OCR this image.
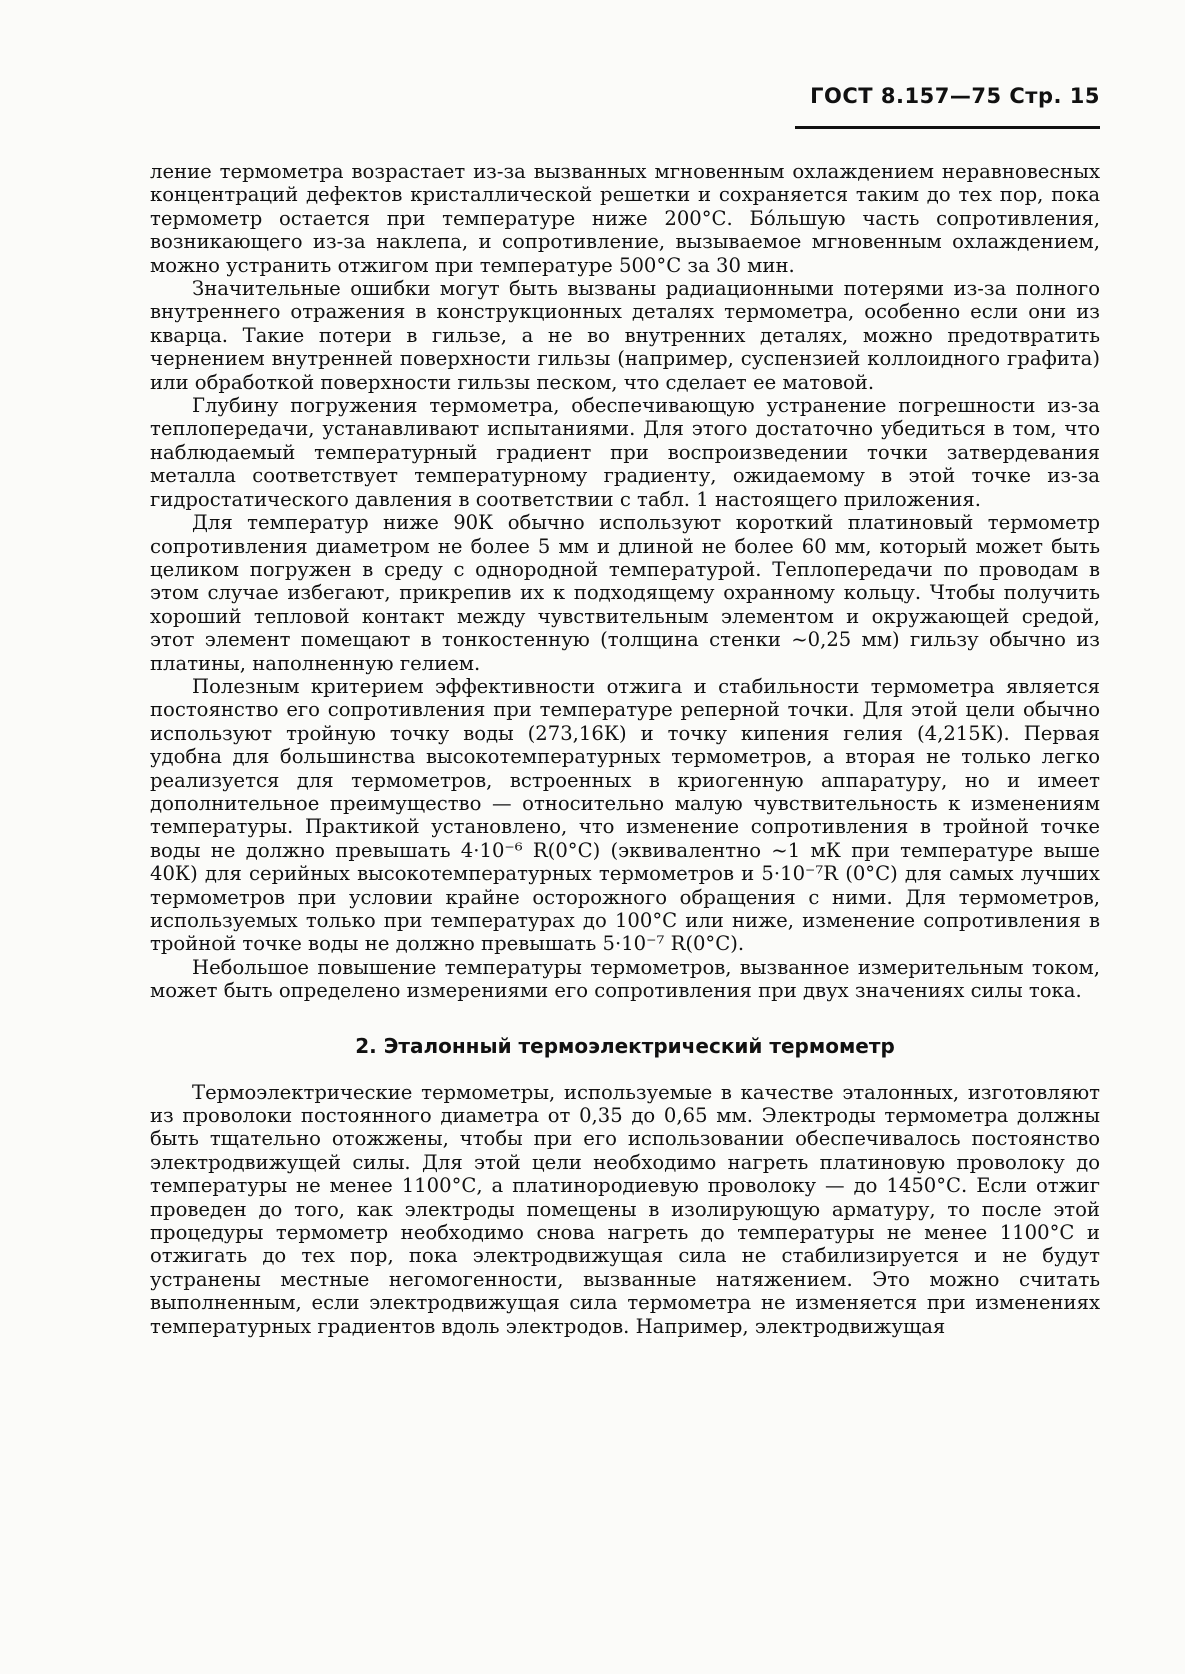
ГОСТ 8.157—75 Стр. 15

ление термометра возрастает из-за вызванных мгновенным охлаждением неравновесных концентраций дефектов кристаллической решетки и сохраняется таким до тех пор, пока термометр остается при температуре ниже 200°С. Бо́льшую часть сопротивления, возникающего из-за наклепа, и сопротивление, вызываемое мгновенным охлаждением, можно устранить отжигом при температуре 500°С за 30 мин.

Значительные ошибки могут быть вызваны радиационными потерями из-за полного внутреннего отражения в конструкционных деталях термометра, особенно если они из кварца. Такие потери в гильзе, а не во внутренних деталях, можно предотвратить чернением внутренней поверхности гильзы (например, суспензией коллоидного графита) или обработкой поверхности гильзы песком, что сделает ее матовой.

Глубину погружения термометра, обеспечивающую устранение погрешности из-за теплопередачи, устанавливают испытаниями. Для этого достаточно убедиться в том, что наблюдаемый температурный градиент при воспроизведении точки затвердевания металла соответствует температурному градиенту, ожидаемому в этой точке из-за гидростатического давления в соответствии с табл. 1 настоящего приложения.

Для температур ниже 90К обычно используют короткий платиновый термометр сопротивления диаметром не более 5 мм и длиной не более 60 мм, который может быть целиком погружен в среду с однородной температурой. Теплопередачи по проводам в этом случае избегают, прикрепив их к подходящему охранному кольцу. Чтобы получить хороший тепловой контакт между чувствительным элементом и окружающей средой, этот элемент помещают в тонкостенную (толщина стенки ~0,25 мм) гильзу обычно из платины, наполненную гелием.

Полезным критерием эффективности отжига и стабильности термометра является постоянство его сопротивления при температуре реперной точки. Для этой цели обычно используют тройную точку воды (273,16К) и точку кипения гелия (4,215К). Первая удобна для большинства высокотемпературных термометров, а вторая не только легко реализуется для термометров, встроенных в криогенную аппаратуру, но и имеет дополнительное преимущество — относительно малую чувствительность к изменениям температуры. Практикой установлено, что изменение сопротивления в тройной точке воды не должно превышать 4·10⁻⁶ R(0°С) (эквивалентно ~1 мК при температуре выше 40К) для серийных высокотемпературных термометров и 5·10⁻⁷R (0°С) для самых лучших термометров при условии крайне осторожного обращения с ними. Для термометров, используемых только при температурах до 100°С или ниже, изменение сопротивления в тройной точке воды не должно превышать 5·10⁻⁷ R(0°С).

Небольшое повышение температуры термометров, вызванное измерительным током, может быть определено измерениями его сопротивления при двух значениях силы тока.

2. Эталонный термоэлектрический термометр

Термоэлектрические термометры, используемые в качестве эталонных, изготовляют из проволоки постоянного диаметра от 0,35 до 0,65 мм. Электроды термометра должны быть тщательно отожжены, чтобы при его использовании обеспечивалось постоянство электродвижущей силы. Для этой цели необходимо нагреть платиновую проволоку до температуры не менее 1100°С, а платинородиевую проволоку — до 1450°С. Если отжиг проведен до того, как электроды помещены в изолирующую арматуру, то после этой процедуры термометр необходимо снова нагреть до температуры не менее 1100°С и отжигать до тех пор, пока электродвижущая сила не стабилизируется и не будут устранены местные негомогенности, вызванные натяжением. Это можно считать выполненным, если электродвижущая сила термометра не изменяется при изменениях температурных градиентов вдоль электродов. Например, электродвижущая
